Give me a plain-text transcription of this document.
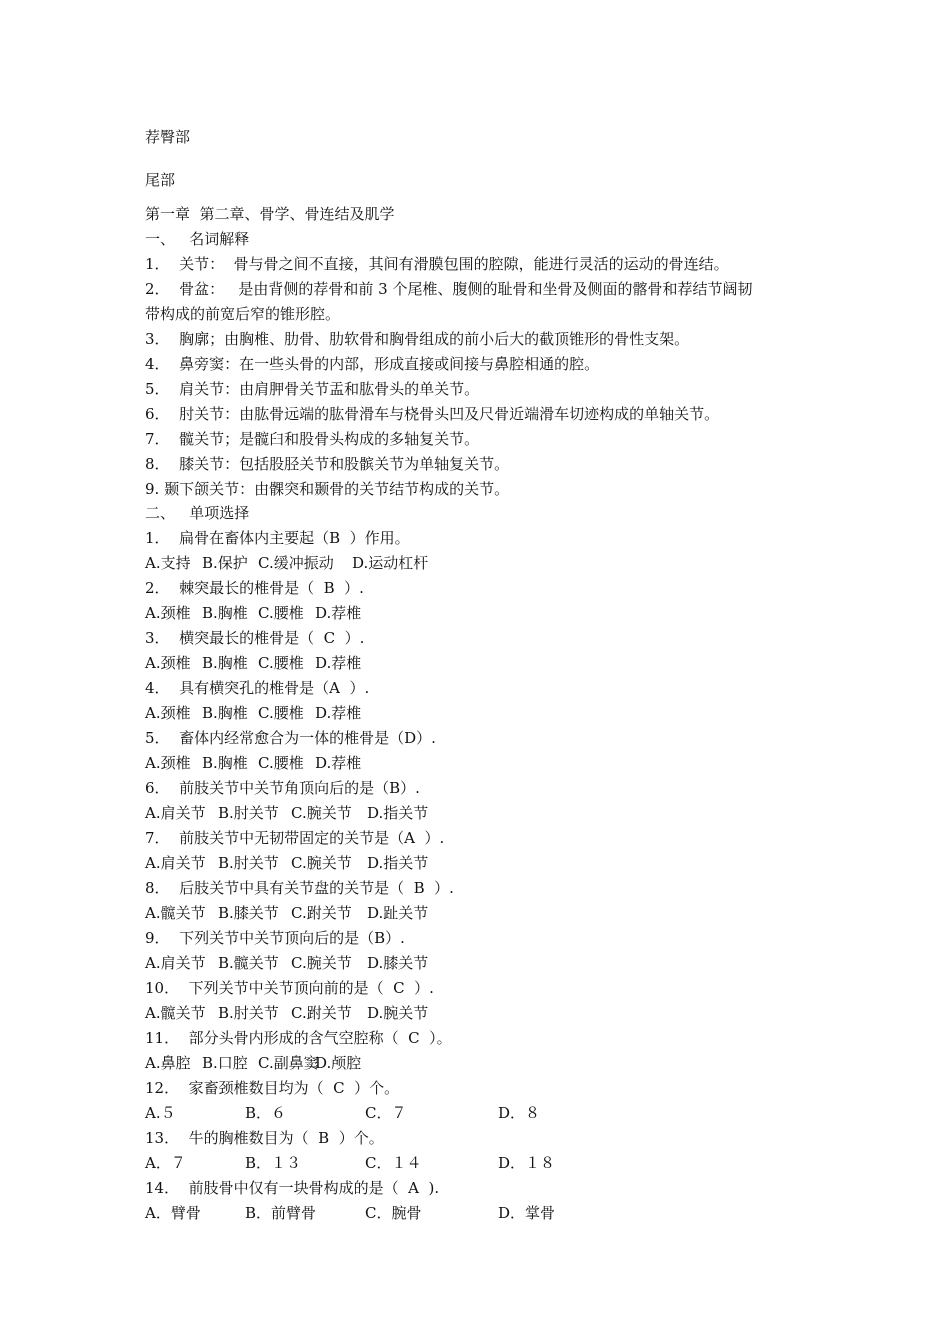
荐臀部
尾部
第一章  第二章、骨学、骨连结及肌学
一、   名词解释
1．  关节：  骨与骨之间不直接，其间有滑膜包围的腔隙，能进行灵活的运动的骨连结。
2．  骨盆：   是由背侧的荐骨和前 3 个尾椎、腹侧的耻骨和坐骨及侧面的髂骨和荐结节阔韧
带构成的前宽后窄的锥形腔。
3．  胸廓；由胸椎、肋骨、肋软骨和胸骨组成的前小后大的截顶锥形的骨性支架。
4．  鼻旁窦：在一些头骨的内部，形成直接或间接与鼻腔相通的腔。
5．  肩关节：由肩胛骨关节盂和肱骨头的单关节。
6．  肘关节：由肱骨远端的肱骨滑车与桡骨头凹及尺骨近端滑车切迹构成的单轴关节。
7．  髋关节；是髋臼和股骨头构成的多轴复关节。
8．  膝关节：包括股胫关节和股髌关节为单轴复关节。
9. 颞下颌关节：由髁突和颞骨的关节结节构成的关节。
二、   单项选择
1．  扁骨在畜体内主要起（B  ）作用。
A.支持 B.保护 C.缓冲振动 D.运动杠杆
2．  棘突最长的椎骨是（  B  ）.
A.颈椎 B.胸椎 C.腰椎 D.荐椎
3．  横突最长的椎骨是（  C  ）.
A.颈椎 B.胸椎 C.腰椎 D.荐椎
4．  具有横突孔的椎骨是（A  ）.
A.颈椎 B.胸椎 C.腰椎 D.荐椎
5．  畜体内经常愈合为一体的椎骨是（D）.
A.颈椎 B.胸椎 C.腰椎 D.荐椎
6．  前肢关节中关节角顶向后的是（B）.
A.肩关节 B.肘关节 C.腕关节 D.指关节
7．  前肢关节中无韧带固定的关节是（A  ）.
A.肩关节 B.肘关节 C.腕关节 D.指关节
8．  后肢关节中具有关节盘的关节是（  B  ）.
A.髋关节 B.膝关节 C.跗关节 D.趾关节
9．  下列关节中关节顶向后的是（B）.
A.肩关节 B.髋关节 C.腕关节 D.膝关节
10．  下列关节中关节顶向前的是（  C  ）.
A.髋关节 B.肘关节 C.跗关节 D.腕关节
11．  部分头骨内形成的含气空腔称（  C  ）。
A.鼻腔 B.口腔 C.副鼻窦
D.颅腔
12．  家畜颈椎数目均为（  C  ）个。
A.５	B．６	C．７	D．８
13．  牛的胸椎数目为（  B  ）个。
A．７	B．１３	C．１４	D．１８
14．  前肢骨中仅有一块骨构成的是（  A  ).
A．臂骨	B．前臂骨	C．腕骨	D．掌骨
